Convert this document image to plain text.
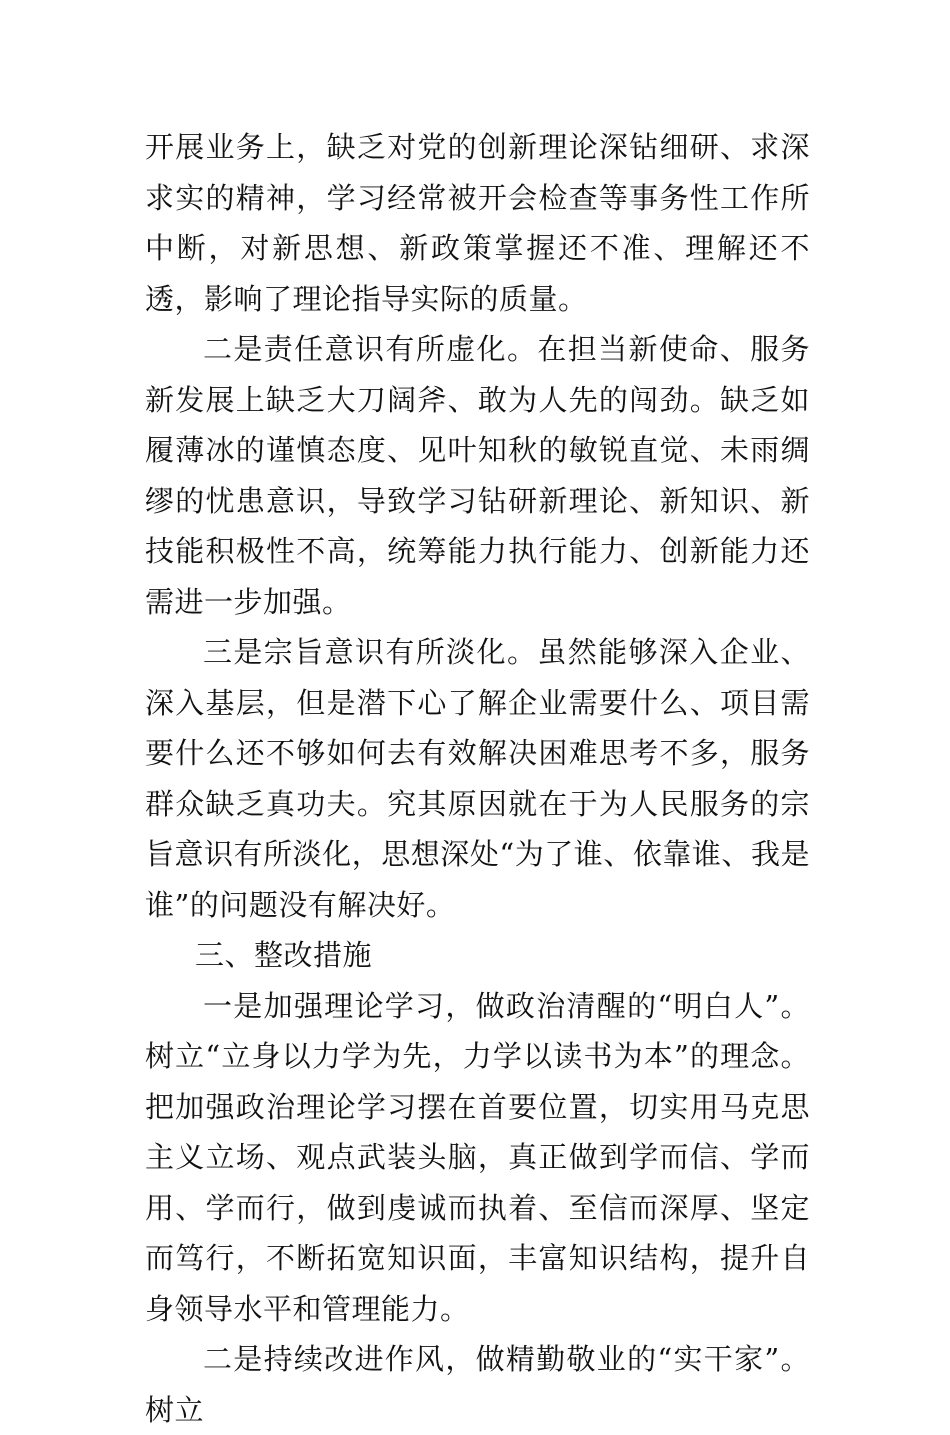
开展业务上，缺乏对党的创新理论深钻细研、求深求实的精神，学习经常被开会检查等事务性工作所中断，对新思想、新政策掌握还不准、理解还不透，影响了理论指导实际的质量。

二是责任意识有所虚化。在担当新使命、服务新发展上缺乏大刀阔斧、敢为人先的闯劲。缺乏如履薄冰的谨慎态度、见叶知秋的敏锐直觉、未雨绸缪的忧患意识，导致学习钻研新理论、新知识、新技能积极性不高，统筹能力执行能力、创新能力还需进一步加强。

三是宗旨意识有所淡化。虽然能够深入企业、深入基层，但是潜下心了解企业需要什么、项目需要什么还不够如何去有效解决困难思考不多，服务群众缺乏真功夫。究其原因就在于为人民服务的宗旨意识有所淡化，思想深处“为了谁、依靠谁、我是谁”的问题没有解决好。

三、整改措施

一是加强理论学习，做政治清醒的“明白人”。树立“立身以力学为先，力学以读书为本”的理念。把加强政治理论学习摆在首要位置，切实用马克思主义立场、观点武装头脑，真正做到学而信、学而用、学而行，做到虔诚而执着、至信而深厚、坚定而笃行，不断拓宽知识面，丰富知识结构，提升自身领导水平和管理能力。

二是持续改进作风，做精勤敬业的“实干家”。树立
